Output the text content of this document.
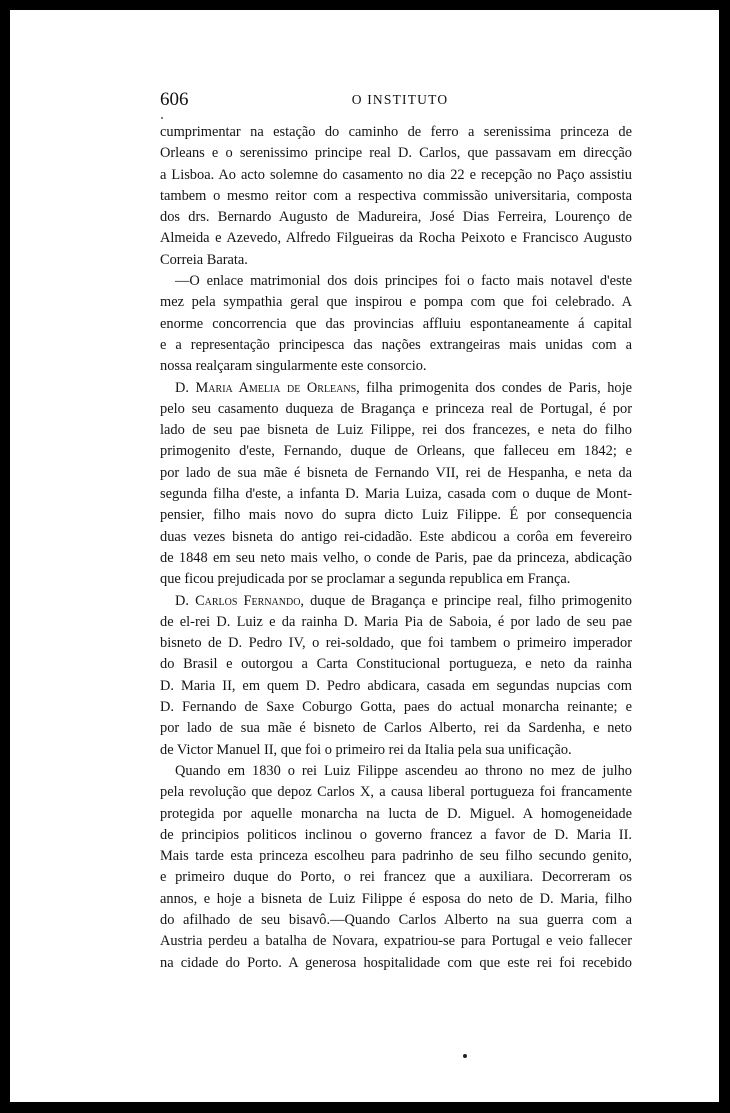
606	O INSTITUTO
cumprimentar na estação do caminho de ferro a serenissima princeza de
Orleans e o serenissimo principe real D. Carlos, que passavam em direcção
a Lisboa. Ao acto solemne do casamento no dia 22 e recepção no Paço assistiu
tambem o mesmo reitor com a respectiva commissão universitaria, composta
dos drs. Bernardo Augusto de Madureira, José Dias Ferreira, Lourenço de
Almeida e Azevedo, Alfredo Filgueiras da Rocha Peixoto e Francisco Augusto
Correia Barata.
—O enlace matrimonial dos dois principes foi o facto mais notavel d'este
mez pela sympathia geral que inspirou e pompa com que foi celebrado. A
enorme concorrencia que das provincias affluiu espontaneamente á capital
e a representação principesca das nações extrangeiras mais unidas com a
nossa realçaram singularmente este consorcio.
D. Maria Amelia de Orleans, filha primogenita dos condes de Paris, hoje
pelo seu casamento duqueza de Bragança e princeza real de Portugal, é por
lado de seu pae bisneta de Luiz Filippe, rei dos francezes, e neta do filho
primogenito d'este, Fernando, duque de Orleans, que falleceu em 1842; e
por lado de sua mãe é bisneta de Fernando VII, rei de Hespanha, e neta da
segunda filha d'este, a infanta D. Maria Luiza, casada com o duque de Mont-
pensier, filho mais novo do supra dicto Luiz Filippe. É por consequencia
duas vezes bisneta do antigo rei-cidadão. Este abdicou a corôa em fevereiro
de 1848 em seu neto mais velho, o conde de Paris, pae da princeza, abdicação
que ficou prejudicada por se proclamar a segunda republica em França.
D. Carlos Fernando, duque de Bragança e principe real, filho primogenito
de el-rei D. Luiz e da rainha D. Maria Pia de Saboia, é por lado de seu pae
bisneto de D. Pedro IV, o rei-soldado, que foi tambem o primeiro imperador
do Brasil e outorgou a Carta Constitucional portugueza, e neto da rainha
D. Maria II, em quem D. Pedro abdicara, casada em segundas nupcias com
D. Fernando de Saxe Coburgo Gotta, paes do actual monarcha reinante; e
por lado de sua mãe é bisneto de Carlos Alberto, rei da Sardenha, e neto
de Victor Manuel II, que foi o primeiro rei da Italia pela sua unificação.
Quando em 1830 o rei Luiz Filippe ascendeu ao throno no mez de julho
pela revolução que depoz Carlos X, a causa liberal portugueza foi francamente
protegida por aquelle monarcha na lucta de D. Miguel. A homogeneidade
de principios politicos inclinou o governo francez a favor de D. Maria II.
Mais tarde esta princeza escolheu para padrinho de seu filho secundo genito,
e primeiro duque do Porto, o rei francez que a auxiliara. Decorreram os
annos, e hoje a bisneta de Luiz Filippe é esposa do neto de D. Maria, filho
do afilhado de seu bisavô.—Quando Carlos Alberto na sua guerra com a
Austria perdeu a batalha de Novara, expatriou-se para Portugal e veio fallecer
na cidade do Porto. A generosa hospitalidade com que este rei foi recebido
